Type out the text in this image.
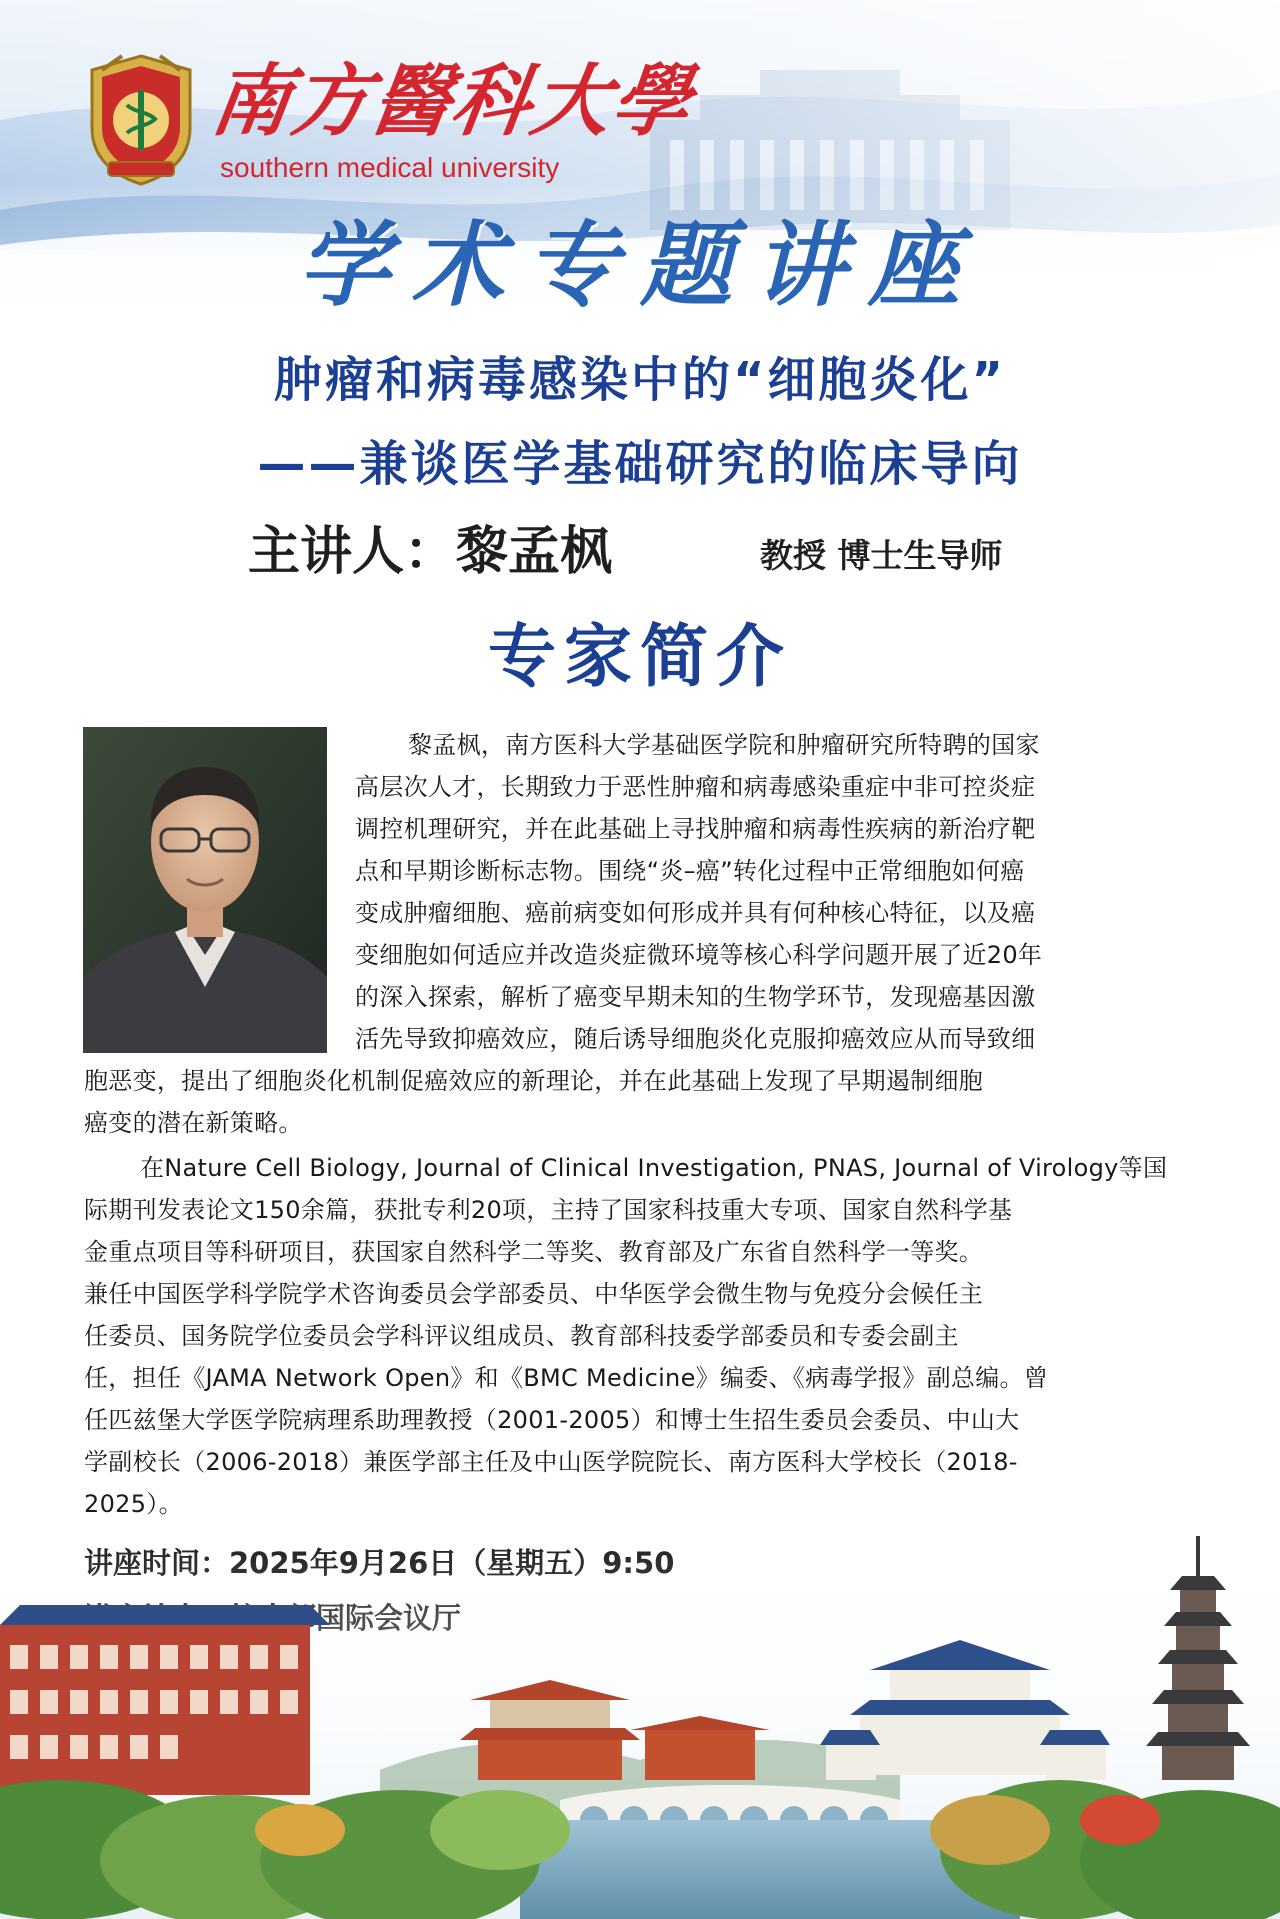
南方醫科大學
southern medical university
学术专题讲座
肿瘤和病毒感染中的“细胞炎化”
——兼谈医学基础研究的临床导向
主讲人：黎孟枫	教授 博士生导师
专家简介
黎孟枫，南方医科大学基础医学院和肿瘤研究所特聘的国家
高层次人才，长期致力于恶性肿瘤和病毒感染重症中非可控炎症
调控机理研究，并在此基础上寻找肿瘤和病毒性疾病的新治疗靶
点和早期诊断标志物。围绕“炎–癌”转化过程中正常细胞如何癌
变成肿瘤细胞、癌前病变如何形成并具有何种核心特征，以及癌
变细胞如何适应并改造炎症微环境等核心科学问题开展了近20年
的深入探索，解析了癌变早期未知的生物学环节，发现癌基因激
活先导致抑癌效应，随后诱导细胞炎化克服抑癌效应从而导致细
胞恶变，提出了细胞炎化机制促癌效应的新理论，并在此基础上发现了早期遏制细胞
癌变的潜在新策略。
在Nature Cell Biology, Journal of Clinical Investigation, PNAS, Journal of Virology等国
际期刊发表论文150余篇，获批专利20项，主持了国家科技重大专项、国家自然科学基
金重点项目等科研项目，获国家自然科学二等奖、教育部及广东省自然科学一等奖。
兼任中国医学科学院学术咨询委员会学部委员、中华医学会微生物与免疫分会候任主
任委员、国务院学位委员会学科评议组成员、教育部科技委学部委员和专委会副主
任，担任《JAMA Network Open》和《BMC Medicine》编委、《病毒学报》副总编。曾
任匹兹堡大学医学院病理系助理教授（2001-2005）和博士生招生委员会委员、中山大
学副校长（2006-2018）兼医学部主任及中山医学院院长、南方医科大学校长（2018-
2025）。
